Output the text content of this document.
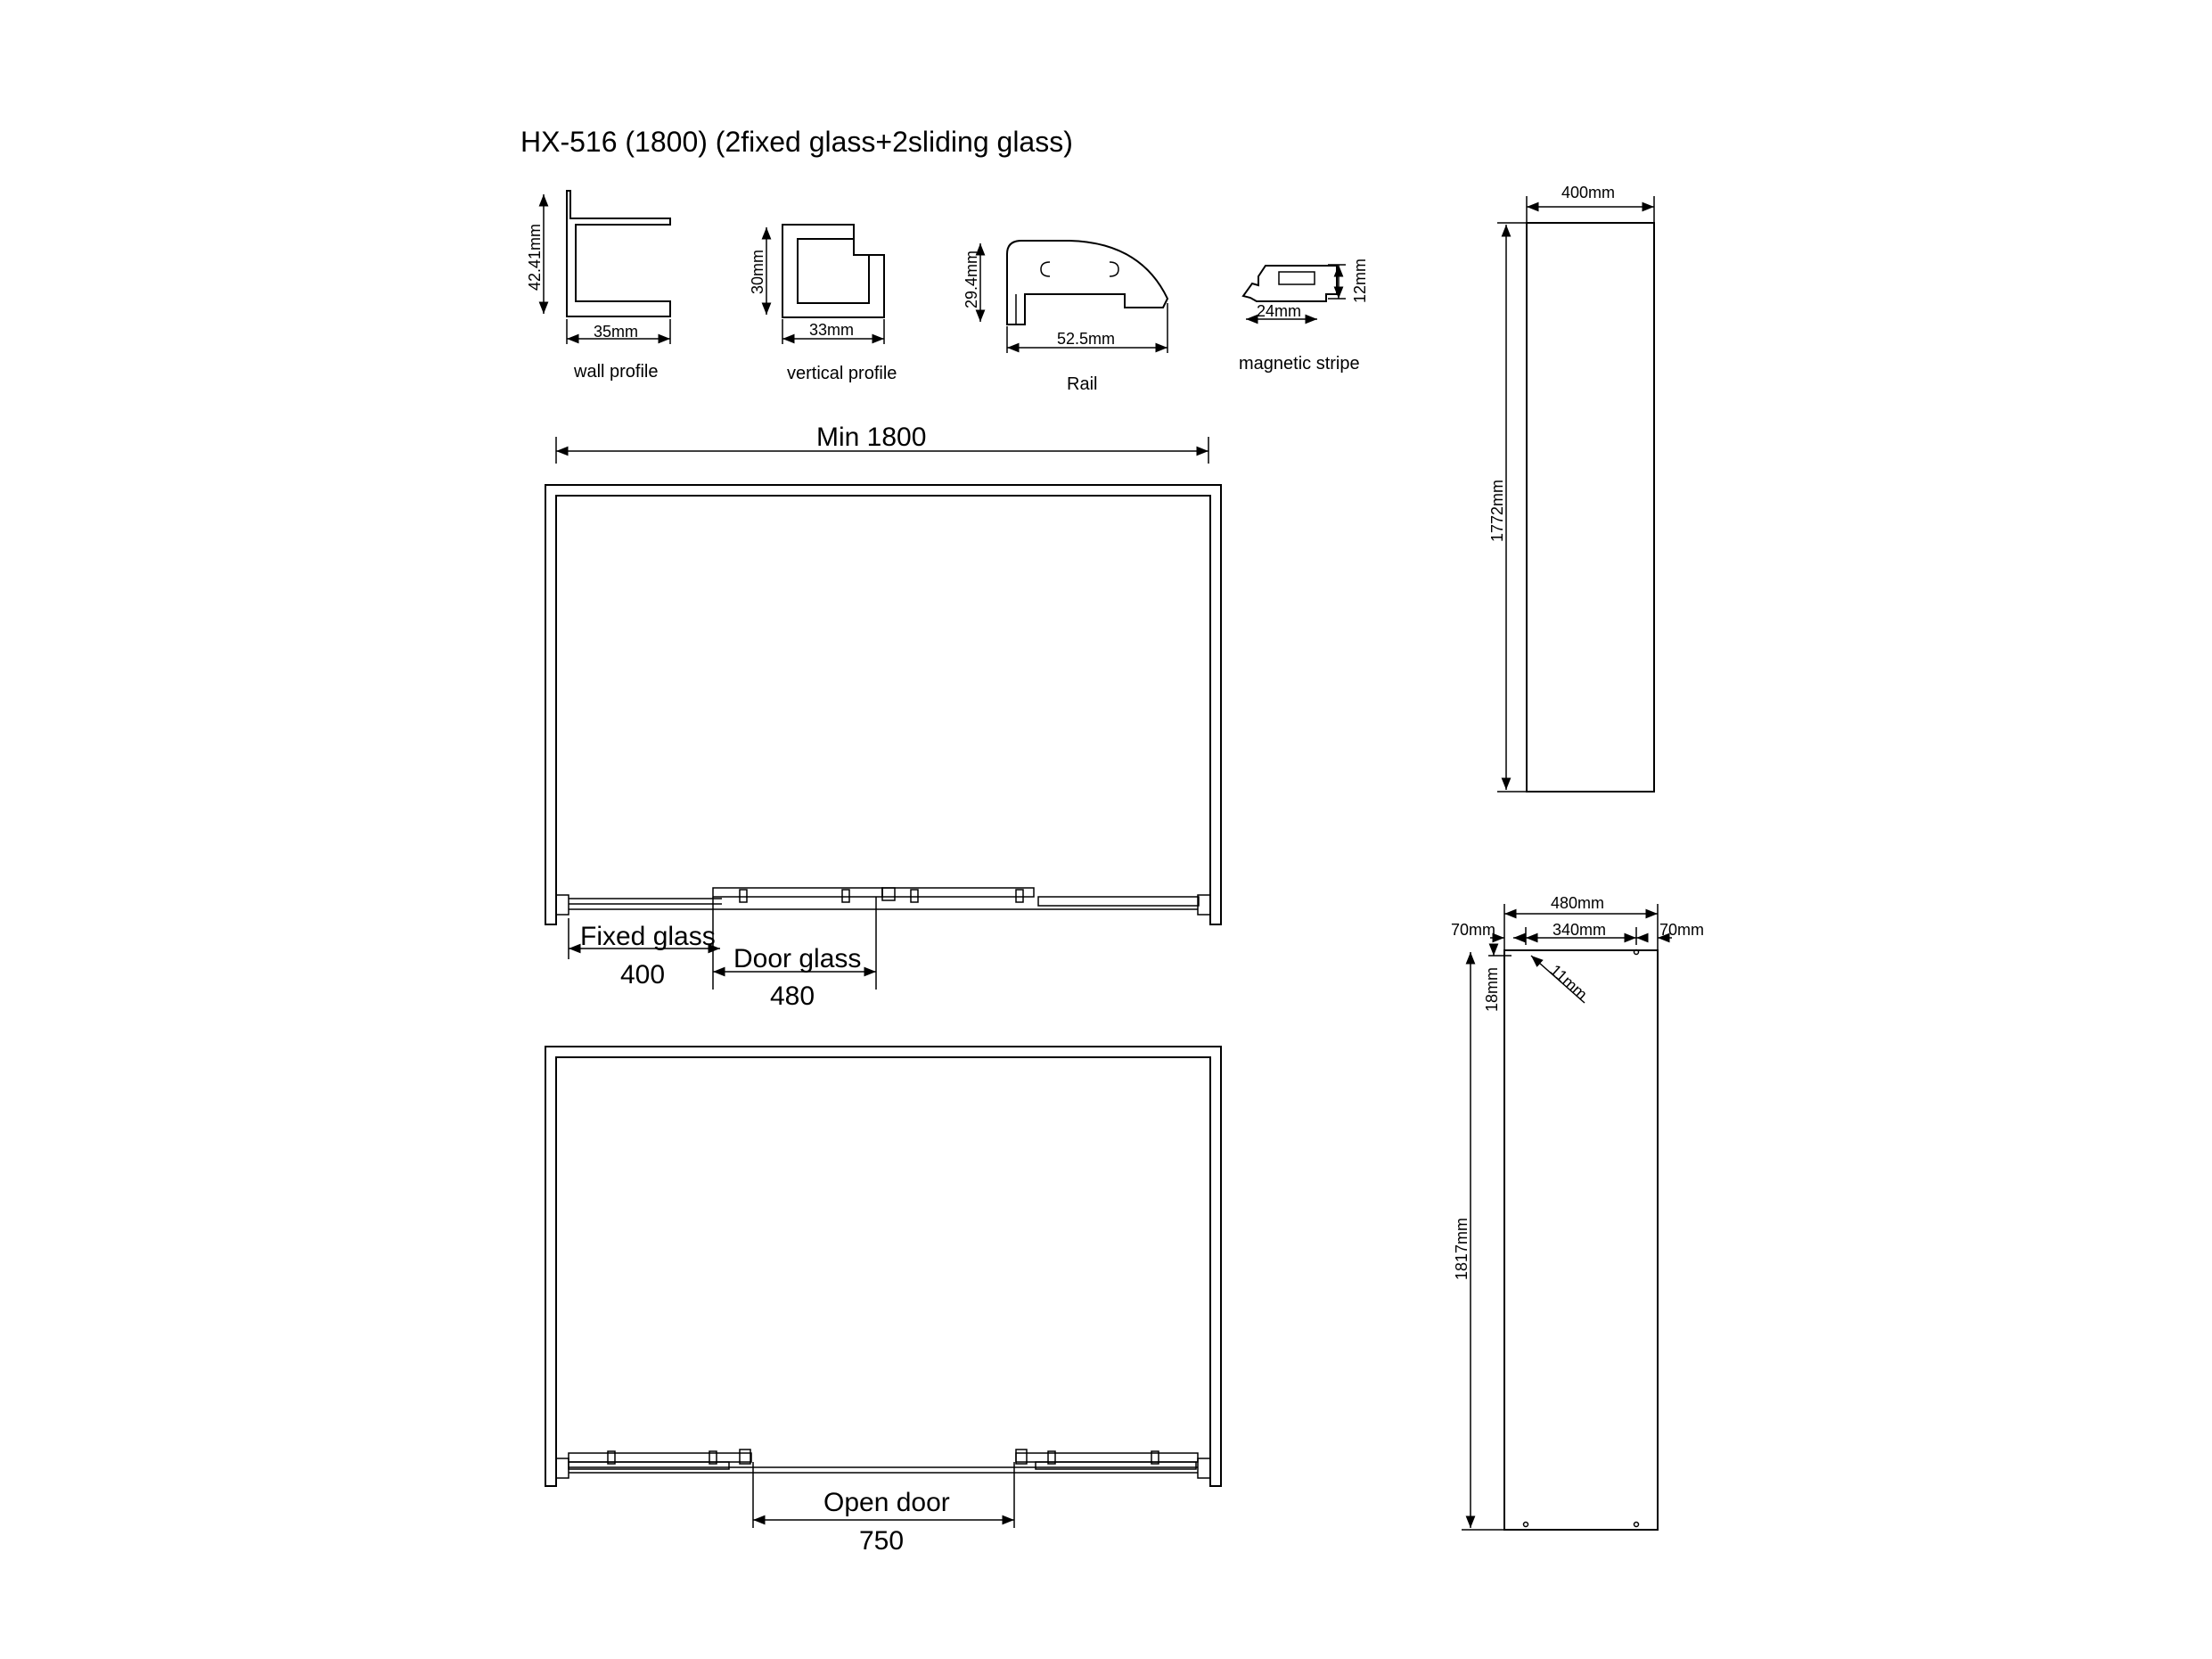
HX-516 (1800) (2fixed glass+2sliding glass)
42.41mm
35mm
wall profile
30mm
33mm
vertical profile
29.4mm
52.5mm
Rail
12mm
24mm
magnetic stripe
Min 1800
Fixed glass
400
Door glass
480
Open door
750
400mm
1772mm
480mm
340mm
70mm	70mm
18mm	11mm
1817mm
